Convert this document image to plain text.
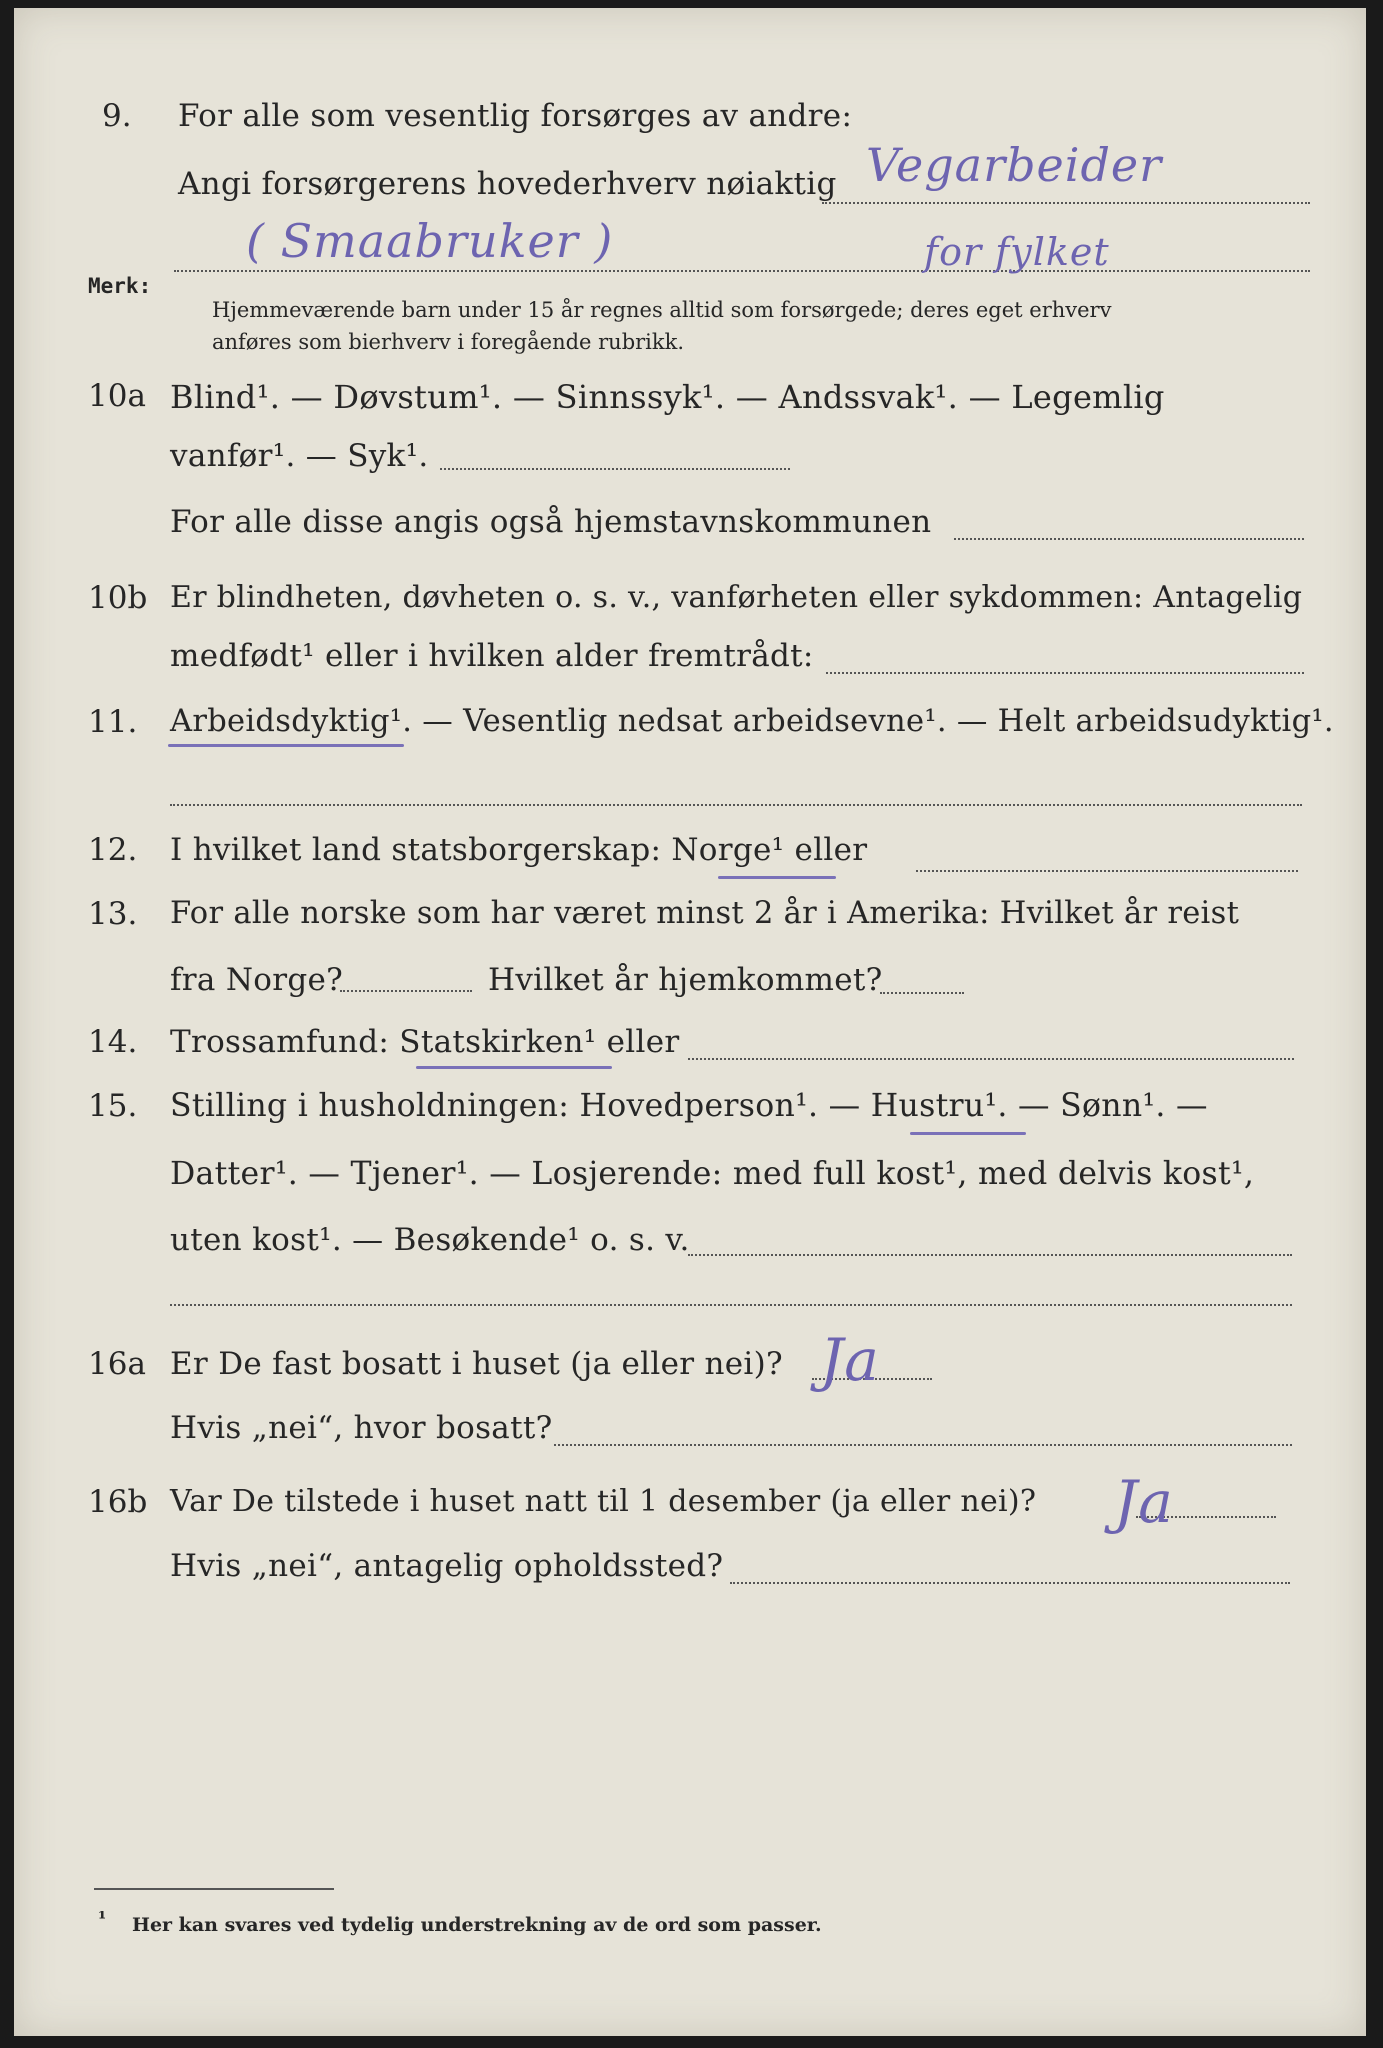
9. For alle som vesentlig forsørges av andre:
Angi forsørgerens hovederhverv nøiaktig Vegarbeider
( Smaabruker )	for fylket
Merk:
Hjemmeværende barn under 15 år regnes alltid som forsørgede; deres eget erhverv
anføres som bierhverv i foregående rubrikk.
10a Blind¹. — Døvstum¹. — Sinnssyk¹. — Andssvak¹. — Legemlig
vanfør¹. — Syk¹.
For alle disse angis også hjemstavnskommunen
10b Er blindheten, døvheten o. s. v., vanførheten eller sykdommen: Antagelig
medfødt¹ eller i hvilken alder fremtrådt:
11. Arbeidsdyktig¹. — Vesentlig nedsat arbeidsevne¹. — Helt arbeidsudyktig¹.
12. I hvilket land statsborgerskap: Norge¹ eller
13. For alle norske som har været minst 2 år i Amerika: Hvilket år reist
fra Norge?	Hvilket år hjemkommet?
14. Trossamfund: Statskirken¹ eller
15. Stilling i husholdningen: Hovedperson¹. — Hustru¹. — Sønn¹. —
Datter¹. — Tjener¹. — Losjerende: med full kost¹, med delvis kost¹,
uten kost¹. — Besøkende¹ o. s. v.
16a Er De fast bosatt i huset (ja eller nei)? Ja
Hvis „nei“, hvor bosatt?
16b Var De tilstede i huset natt til 1 desember (ja eller nei)? Ja
Hvis „nei“, antagelig opholdssted?
¹ Her kan svares ved tydelig understrekning av de ord som passer.
